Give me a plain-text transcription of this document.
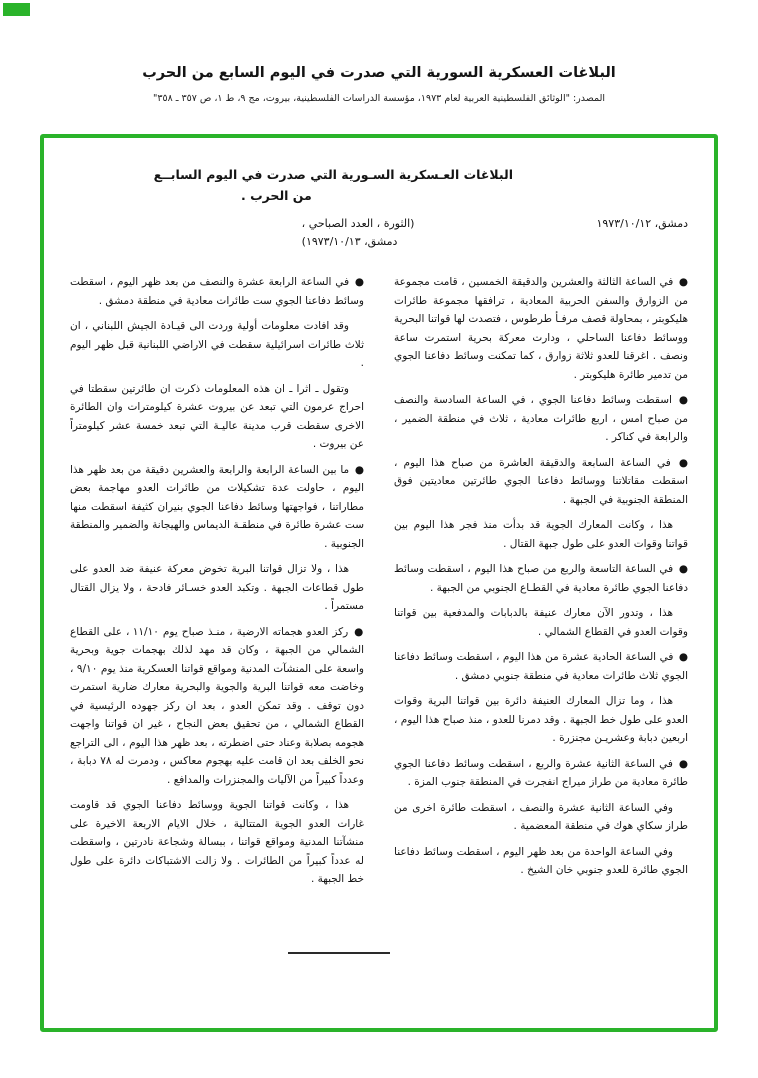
البلاغات العسكرية السورية التي صدرت في اليوم السابع من الحرب
المصدر: "الوثائق الفلسطينية العربية لعام ١٩٧٣، مؤسسة الدراسات الفلسطينية، بيروت، مج ٩، ط ١، ص ٣٥٧ ـ ٣٥٨"
البلاغات العـسكرية السـورية التي صدرت في اليوم السابــع
من الحرب .
دمشق، ١٩٧٣/١٠/١٢
(الثورة ، العدد الصباحي ،
دمشق، ١٩٧٣/١٠/١٣)

● في الساعة الثالثة والعشرين والدقيقة الخمسين ، قامت مجموعة من الزوارق والسفن الحربية المعادية ، ترافقها مجموعة طائرات هليكوبتر ، بمحاولة قصف مرفـأ طرطوس ، فتصدت لها قواتنا البحرية ووسائط دفاعنا الساحلي ، ودارت معركة بحرية استمرت ساعة ونصف . اغرقنا للعدو ثلاثة زوارق ، كما تمكنت وسائط دفاعنا الجوي من تدمير طائرة هليكوبتر .

● اسقطت وسائط دفاعنا الجوي ، في الساعة السادسة والنصف من صباح امس ، اربع طائرات معادية ، ثلاث في منطقة الضمير ، والرابعة في كناكر .

● في الساعة السابعة والدقيقة العاشرة من صباح هذا اليوم ، اسقطت مقاتلاتنا ووسائط دفاعنا الجوي طائرتين معاديتين فوق المنطقة الجنوبية في الجبهة .

هذا ، وكانت المعارك الجوية قد بدأت منذ فجر هذا اليوم بين قواتنا وقوات العدو على طول جبهة القتال .

● في الساعة التاسعة والربع من صباح هذا اليوم ، اسقطت وسائط دفاعنا الجوي طائرة معادية في القطـاع الجنوبي من الجبهة .

هذا ، وتدور الآن معارك عنيفة بالدبابات والمدفعية بين قواتنا وقوات العدو في القطاع الشمالي .

● في الساعة الحادية عشرة من هذا اليوم ، اسقطت وسائط دفاعنا الجوي ثلاث طائرات معادية في منطقة جنوبي دمشق .

هذا ، وما تزال المعارك العنيفة دائرة بين قواتنا البرية وقوات العدو على طول خط الجبهة . وقد دمرنا للعدو ، منذ صباح هذا اليوم ، اربعين دبابة وعشريـن مجنزرة .

● في الساعة الثانية عشرة والربع ، اسقطت وسائط دفاعنا الجوي طائرة معادية من طراز ميراج انفجرت في المنطقة جنوب المزة .

وفي الساعة الثانية عشرة والنصف ، اسقطت طائرة اخرى من طراز سكاي هوك في منطقة المعضمية .

وفي الساعة الواحدة من بعد ظهر اليوم ، اسقطت وسائط دفاعنا الجوي طائرة للعدو جنوبي خان الشيخ .

● في الساعة الرابعة عشرة والنصف من بعد ظهر اليوم ، اسقطت وسائط دفاعنا الجوي ست طائرات معادية في منطقة دمشق .

وقد افادت معلومات أولية وردت الى قيـادة الجيش اللبناني ، ان ثلاث طائرات اسرائيلية سقطت في الاراضي اللبنانية قبل ظهر اليوم .

وتقول ـ اثرا ـ ان هذه المعلومات ذكرت ان طائرتين سقطتا في احراج عرمون التي تبعد عن بيروت عشرة كيلومترات وان الطائرة الاخرى سقطت قرب مدينة عاليـة التي تبعد خمسة عشر كيلومتراً عن بيروت .

● ما بين الساعة الرابعة والرابعة والعشرين دقيقة من بعد ظهر هذا اليوم ، حاولت عدة تشكيلات من طائرات العدو مهاجمة بعض مطاراتنا ، فواجهتها وسائط دفاعنا الجوي بنيران كثيفة اسقطت منها ست عشرة طائرة في منطقـة الديماس والهيجانة والضمير والمنطقة الجنوبية .

هذا ، ولا تزال قواتنا البرية تخوض معركة عنيفة ضد العدو على طول قطاعات الجبهة . وتكبد العدو خسـائر فادحة ، ولا يزال القتال مستمراً .

● ركز العدو هجماته الارضية ، منـذ صباح يوم ١١/١٠ ، على القطاع الشمالي من الجبهة ، وكان قد مهد لذلك بهجمات جوية وبحرية واسعة على المنشآت المدنية ومواقع قواتنا العسكرية منذ يوم ٩/١٠ ، وخاضت معه قواتنا البرية والجوية والبحرية معارك ضارية استمرت دون توقف . وقد تمكن العدو ، بعد ان ركز جهوده الرئيسية في القطاع الشمالي ، من تحقيق بعض النجاح ، غير ان قواتنا واجهت هجومه بصلابة وعناد حتى اضطرته ، بعد ظهر هذا اليوم ، الى التراجع نحو الخلف بعد ان قامت عليه بهجوم معاكس ، ودمرت له ٧٨ دبابة ، وعدداً كبيراً من الآليات والمجنزرات والمدافع .

هذا ، وكانت قواتنا الجوية ووسائط دفاعنا الجوي قد قاومت غارات العدو الجوية المتتالية ، خلال الايام الاربعة الاخيرة على منشآتنا المدنية ومواقع قواتنا ، ببسالة وشجاعة نادرتين ، واسقطت له عدداً كبيراً من الطائرات . ولا زالت الاشتباكات دائرة على طول خط الجبهة .
